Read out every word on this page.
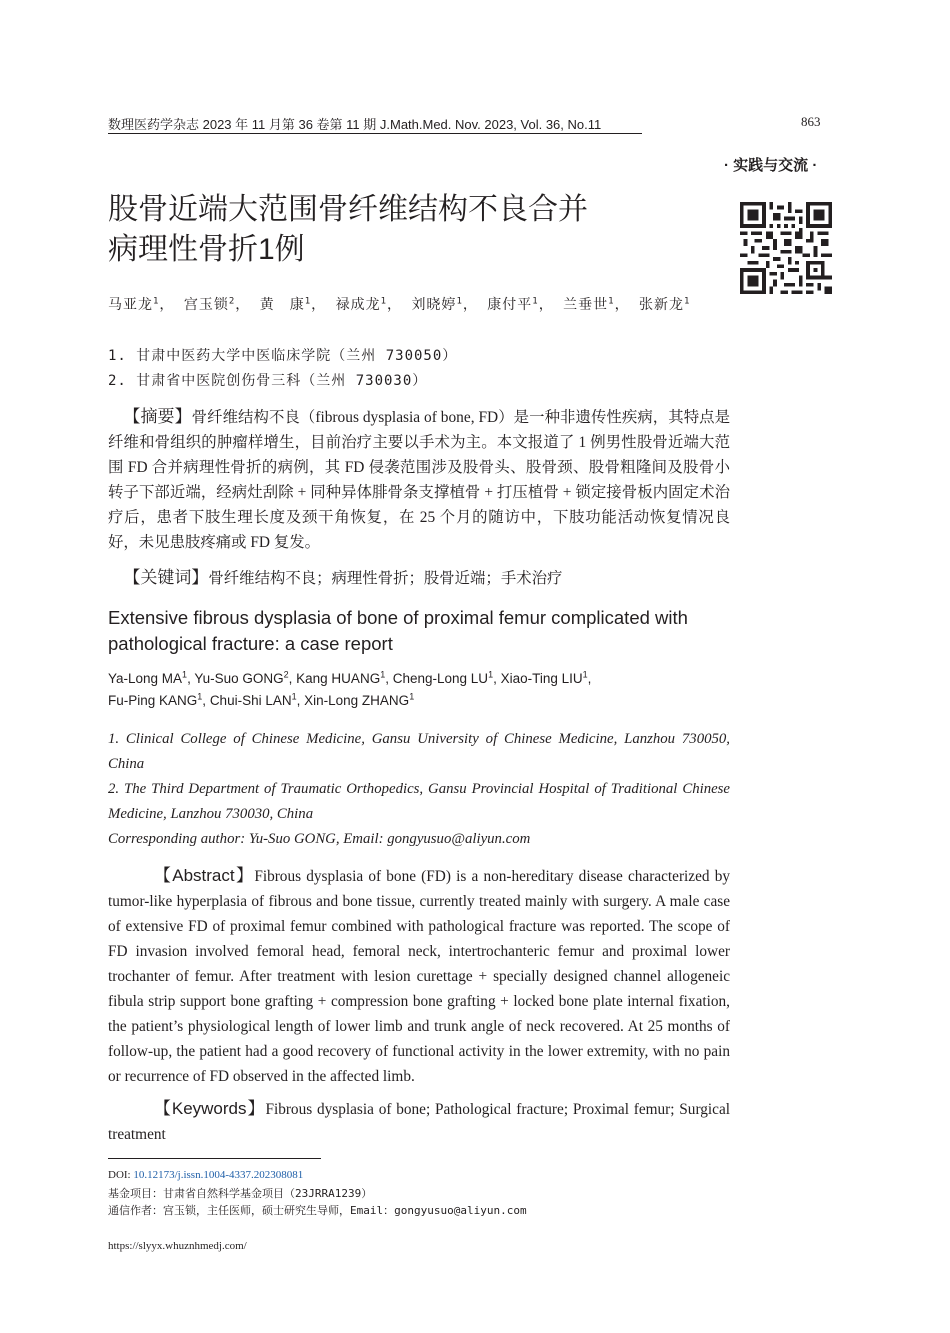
数理医药学杂志 2023 年 11 月第 36 卷第 11 期 J.Math.Med. Nov. 2023, Vol. 36, No.11	863
· 实践与交流 ·
股骨近端大范围骨纤维结构不良合并
病理性骨折1例
马亚龙$^1$， 宫玉锁$^2$， 黄　康$^1$， 禄成龙$^1$， 刘晓婷$^1$， 康付平$^1$， 兰垂世$^1$， 张新龙$^1$
1. 甘肃中医药大学中医临床学院（兰州 730050）
2. 甘肃省中医院创伤骨三科（兰州 730030）
【摘要】骨纤维结构不良（fibrous dysplasia of bone, FD）是一种非遗传性疾病，其特点是纤维和骨组织的肿瘤样增生，目前治疗主要以手术为主。本文报道了 1 例男性股骨近端大范围 FD 合并病理性骨折的病例，其 FD 侵袭范围涉及股骨头、股骨颈、股骨粗隆间及股骨小转子下部近端，经病灶刮除 + 同种异体腓骨条支撑植骨 + 打压植骨 + 锁定接骨板内固定术治疗后，患者下肢生理长度及颈干角恢复，在 25 个月的随访中，下肢功能活动恢复情况良好，未见患肢疼痛或 FD 复发。
【关键词】骨纤维结构不良；病理性骨折；股骨近端；手术治疗
Extensive fibrous dysplasia of bone of proximal femur complicated with pathological fracture: a case report
Ya-Long $MA^1$, Yu-Suo GONG$^2$, Kang HUANG$^1$, Cheng-Long $LU^1$, Xiao-Ting LIU$^1$,
Fu-Ping KANG$^1$, Chui-Shi LAN$^1$, Xin-Long ZHANG$^1$
1. Clinical College of Chinese Medicine, Gansu University of Chinese Medicine, Lanzhou 730050, China
2. The Third Department of Traumatic Orthopedics, Gansu Provincial Hospital of Traditional Chinese Medicine, Lanzhou 730030, China
Corresponding author: Yu-Suo GONG, Email: gongyusuo@aliyun.com
【Abstract】Fibrous dysplasia of bone (FD) is a non-hereditary disease characterized by tumor-like hyperplasia of fibrous and bone tissue, currently treated mainly with surgery. A male case of extensive FD of proximal femur combined with pathological fracture was reported. The scope of FD invasion involved femoral head, femoral neck, intertrochanteric femur and proximal lower trochanter of femur. After treatment with lesion curettage + specially designed channel allogeneic fibula strip support bone grafting + compression bone grafting + locked bone plate internal fixation, the patient’s physiological length of lower limb and trunk angle of neck recovered. At 25 months of follow-up, the patient had a good recovery of functional activity in the lower extremity, with no pain or recurrence of FD observed in the affected limb.
【Keywords】Fibrous dysplasia of bone; Pathological fracture; Proximal femur; Surgical treatment
DOI: 10.12173/j.issn.1004-4337.202308081
基金项目：甘肃省自然科学基金项目（23JRRA1239）
通信作者：宫玉锁，主任医师，硕士研究生导师，Email：gongyusuo@aliyun.com
https://slyyx.whuznhmedj.com/
